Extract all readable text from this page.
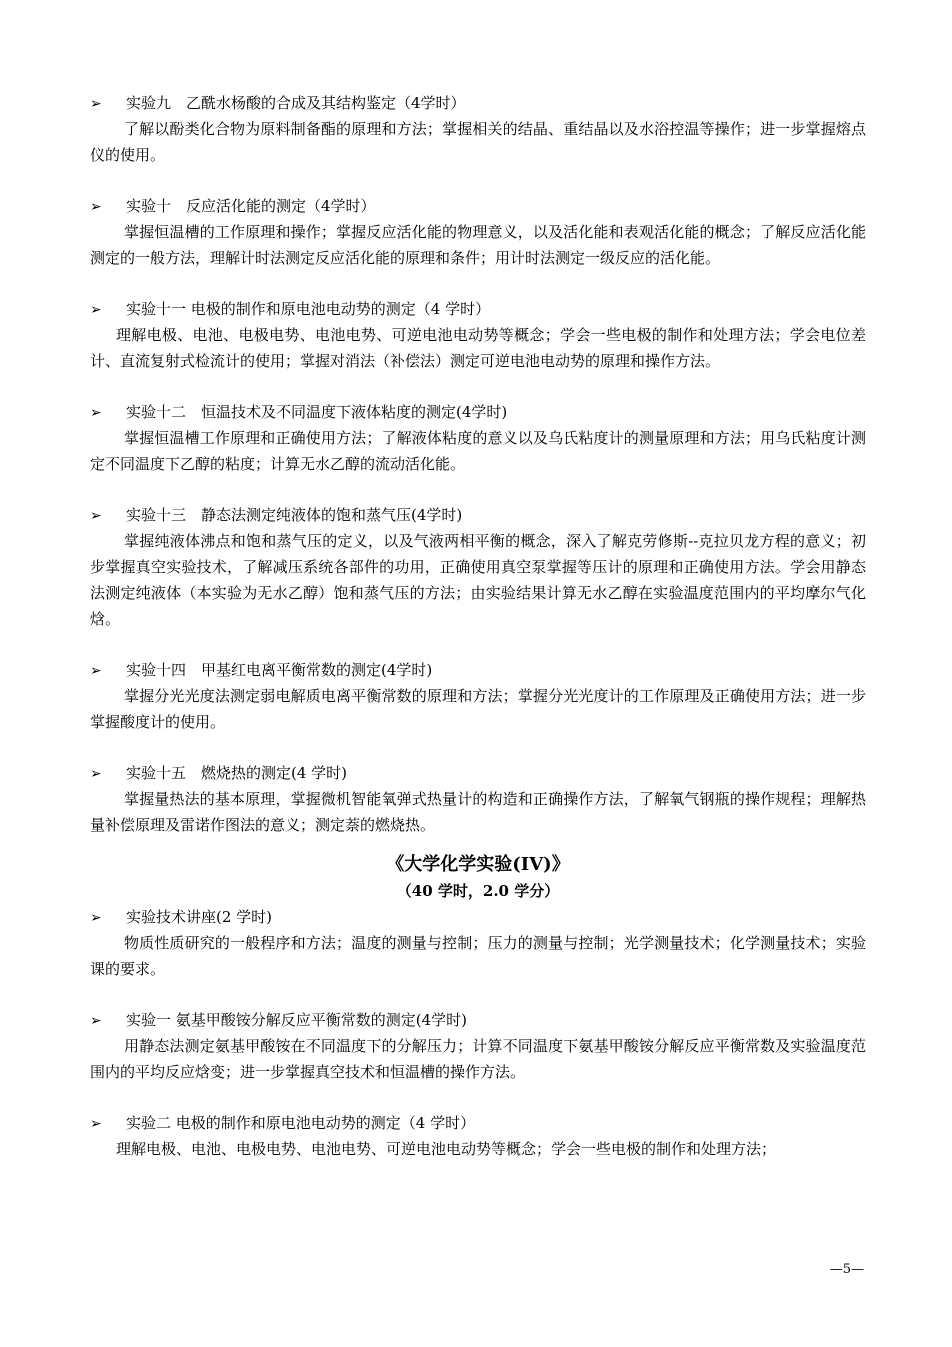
➢ 实验九　乙酰水杨酸的合成及其结构鉴定（4学时）

了解以酚类化合物为原料制备酯的原理和方法；掌握相关的结晶、重结晶以及水浴控温等操作；进一步掌握熔点仪的使用。

➢ 实验十　反应活化能的测定（4学时）

掌握恒温槽的工作原理和操作；掌握反应活化能的物理意义，以及活化能和表观活化能的概念；了解反应活化能测定的一般方法，理解计时法测定反应活化能的原理和条件；用计时法测定一级反应的活化能。

➢ 实验十一 电极的制作和原电池电动势的测定（4 学时）

理解电极、电池、电极电势、电池电势、可逆电池电动势等概念；学会一些电极的制作和处理方法；学会电位差计、直流复射式检流计的使用；掌握对消法（补偿法）测定可逆电池电动势的原理和操作方法。

➢ 实验十二　恒温技术及不同温度下液体粘度的测定(4学时)

掌握恒温槽工作原理和正确使用方法；了解液体粘度的意义以及乌氏粘度计的测量原理和方法；用乌氏粘度计测定不同温度下乙醇的粘度；计算无水乙醇的流动活化能。

➢ 实验十三　静态法测定纯液体的饱和蒸气压(4学时)

掌握纯液体沸点和饱和蒸气压的定义，以及气液两相平衡的概念，深入了解克劳修斯--克拉贝龙方程的意义；初步掌握真空实验技术，了解减压系统各部件的功用，正确使用真空泵掌握等压计的原理和正确使用方法。学会用静态法测定纯液体（本实验为无水乙醇）饱和蒸气压的方法；由实验结果计算无水乙醇在实验温度范围内的平均摩尔气化焓。

➢ 实验十四　甲基红电离平衡常数的测定(4学时)

掌握分光光度法测定弱电解质电离平衡常数的原理和方法；掌握分光光度计的工作原理及正确使用方法；进一步掌握酸度计的使用。

➢ 实验十五　燃烧热的测定(4 学时)

掌握量热法的基本原理，掌握微机智能氧弹式热量计的构造和正确操作方法，了解氧气钢瓶的操作规程；理解热量补偿原理及雷诺作图法的意义；测定萘的燃烧热。

《大学化学实验(IV)》
（40 学时，2.0 学分）
➢ 实验技术讲座(2 学时)

物质性质研究的一般程序和方法；温度的测量与控制；压力的测量与控制；光学测量技术；化学测量技术；实验课的要求。

➢ 实验一 氨基甲酸铵分解反应平衡常数的测定(4学时)

用静态法测定氨基甲酸铵在不同温度下的分解压力；计算不同温度下氨基甲酸铵分解反应平衡常数及实验温度范围内的平均反应焓变；进一步掌握真空技术和恒温槽的操作方法。

➢ 实验二 电极的制作和原电池电动势的测定（4 学时）

理解电极、电池、电极电势、电池电势、可逆电池电动势等概念；学会一些电极的制作和处理方法；

—5—
